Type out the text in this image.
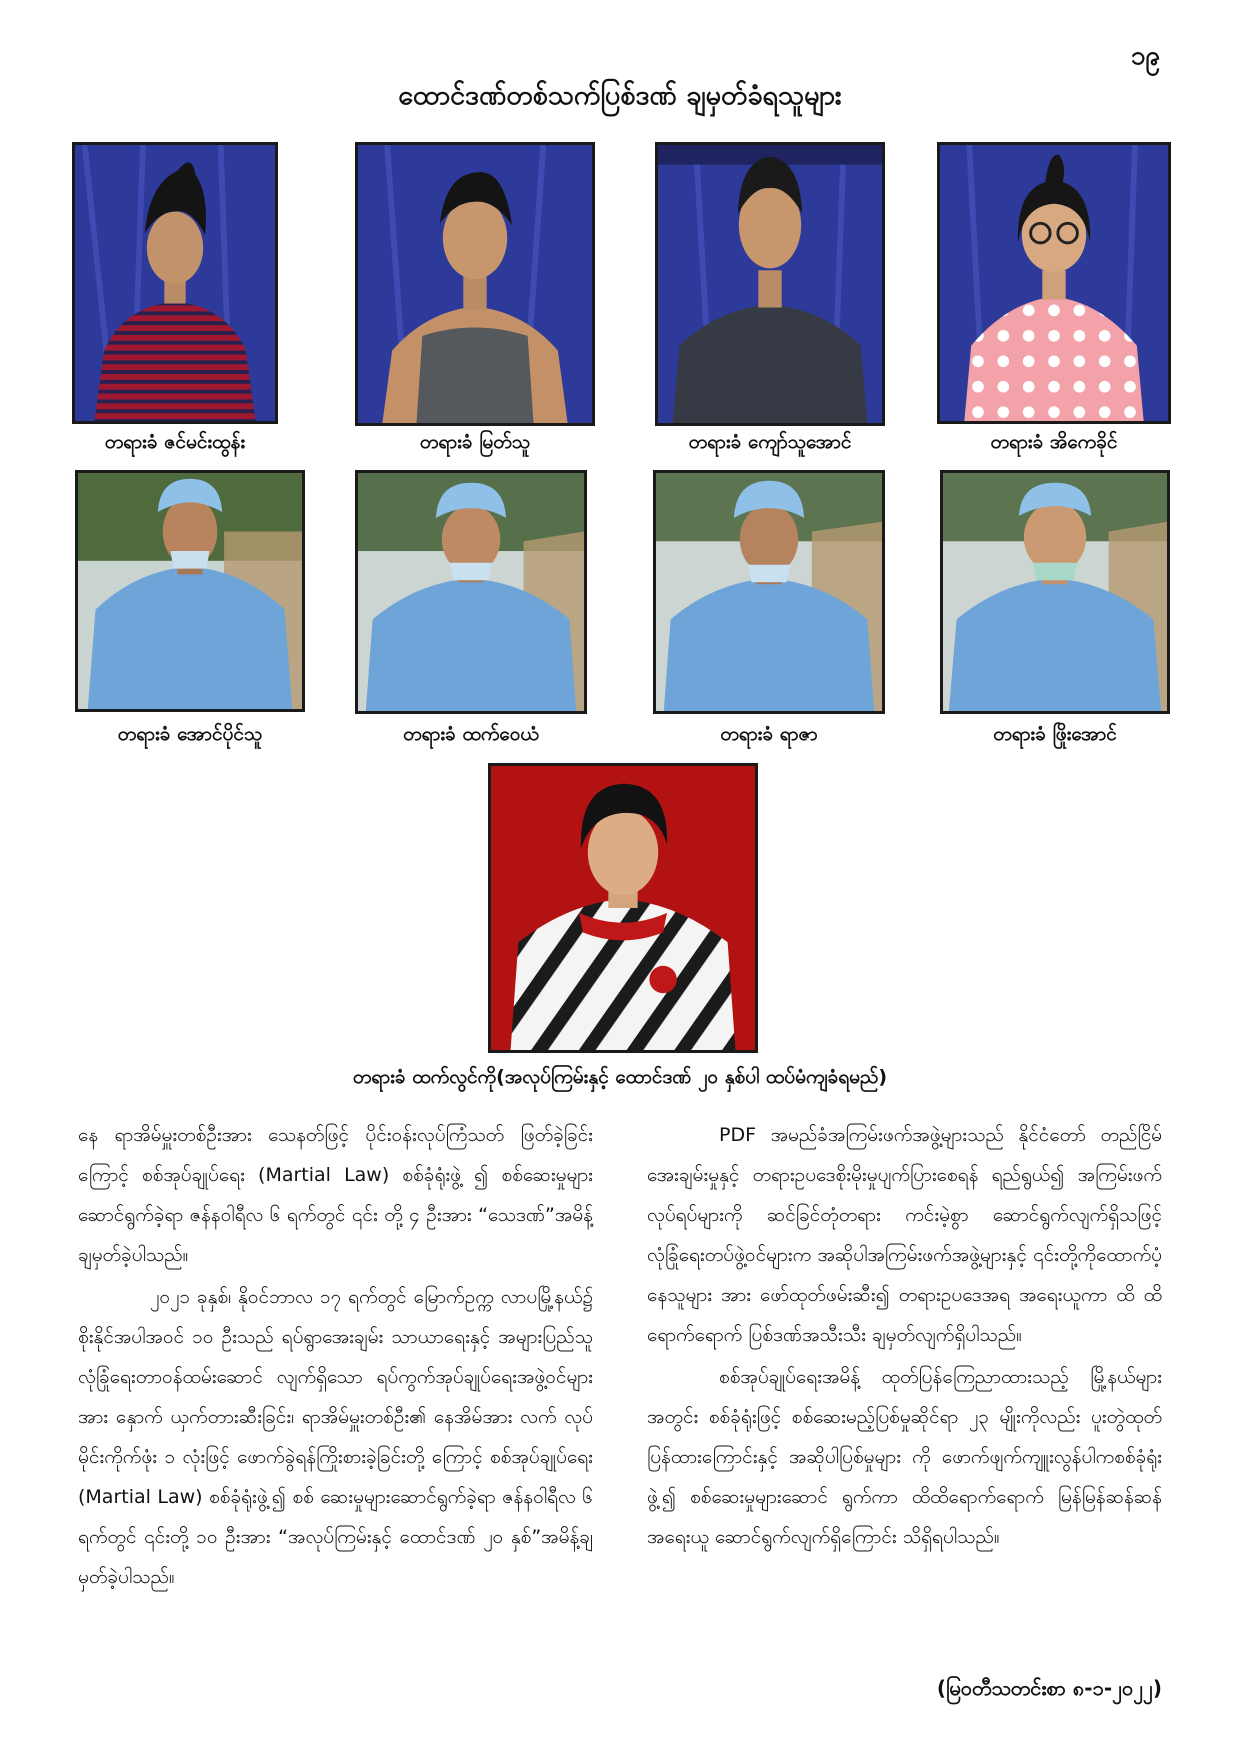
၁၉
ထောင်ဒဏ်တစ်သက်ပြစ်ဒဏ် ချမှတ်ခံရသူများ
တရားခံ ဇင်မင်းထွန်း	တရားခံ မြတ်သူ	တရားခံ ကျော်သူအောင်	တရားခံ အိကေခိုင်
တရားခံ အောင်ပိုင်သူ	တရားခံ ထက်ဝေယံ	တရားခံ ရာဇာ	တရားခံ ဖြိုးအောင်
တရားခံ ထက်လွင်ကို(အလုပ်ကြမ်းနှင့် ထောင်ဒဏ် ၂၀ နှစ်ပါ ထပ်မံကျခံရမည်)

နေ ရာအိမ်မှူးတစ်ဦးအား သေနတ်ဖြင့် ပိုင်းဝန်းလုပ်ကြံသတ် ဖြတ်ခဲ့ခြင်းကြောင့် စစ်အုပ်ချုပ်ရေး (Martial Law) စစ်ခုံရုံးဖွဲ့ ၍ စစ်ဆေးမှုများဆောင်ရွက်ခဲ့ရာ ဇန်နဝါရီလ ၆ ရက်တွင် ၎င်း တို့ ၄ ဦးအား “သေဒဏ်”အမိန့်ချမှတ်ခဲ့ပါသည်။

၂၀၂၁ ခုနှစ်၊ နိုဝင်ဘာလ ၁၇ ရက်တွင် မြောက်ဥက္က လာပမြို့နယ်၌ စိုးနိုင်အပါအဝင် ၁၀ ဦးသည် ရပ်ရွာအေးချမ်း သာယာရေးနှင့် အများပြည်သူလုံခြုံရေးတာဝန်ထမ်းဆောင် လျက်ရှိသော ရပ်ကွက်အုပ်ချုပ်ရေးအဖွဲ့ဝင်များအား နှောက် ယှက်တားဆီးခြင်း၊ ရာအိမ်မှူးတစ်ဦး၏ နေအိမ်အား လက် လုပ်မိုင်းကိုက်ဖုံး ၁ လုံးဖြင့် ဖောက်ခွဲရန်ကြိုးစားခဲ့ခြင်းတို့ ကြောင့် စစ်အုပ်ချုပ်ရေး (Martial Law) စစ်ခုံရုံးဖွဲ့၍ စစ် ဆေးမှုများဆောင်ရွက်ခဲ့ရာ ဇန်နဝါရီလ ၆ ရက်တွင် ၎င်းတို့ ၁၀ ဦးအား “အလုပ်ကြမ်းနှင့် ထောင်ဒဏ် ၂၀ နှစ်”အမိန့်ချ မှတ်ခဲ့ပါသည်။

PDF အမည်ခံအကြမ်းဖက်အဖွဲ့များသည် နိုင်ငံတော် တည်ငြိမ်အေးချမ်းမှုနှင့် တရားဥပဒေစိုးမိုးမှုပျက်ပြားစေရန် ရည်ရွယ်၍ အကြမ်းဖက်လုပ်ရပ်များကို ဆင်ခြင်တုံတရား ကင်းမဲ့စွာ ဆောင်ရွက်လျက်ရှိသဖြင့် လုံခြုံရေးတပ်ဖွဲ့ဝင်များက အဆိုပါအကြမ်းဖက်အဖွဲ့များနှင့် ၎င်းတို့ကိုထောက်ပံ့နေသူများ အား ဖော်ထုတ်ဖမ်းဆီး၍ တရားဥပဒေအရ အရေးယူကာ ထိ ထိရောက်ရောက် ပြစ်ဒဏ်အသီးသီး ချမှတ်လျက်ရှိပါသည်။

စစ်အုပ်ချုပ်ရေးအမိန့် ထုတ်ပြန်ကြေညာထားသည့် မြို့နယ်များအတွင်း စစ်ခုံရုံးဖြင့် စစ်ဆေးမည့်ပြစ်မှုဆိုင်ရာ ၂၃ မျိုးကိုလည်း ပူးတွဲထုတ်ပြန်ထားကြောင်းနှင့် အဆိုပါပြစ်မှုများ ကို ဖောက်ဖျက်ကျူးလွန်ပါကစစ်ခုံရုံးဖွဲ့၍ စစ်ဆေးမှုများဆောင် ရွက်ကာ ထိထိရောက်ရောက် မြန်မြန်ဆန်ဆန် အရေးယူ ဆောင်ရွက်လျက်ရှိကြောင်း သိရှိရပါသည်။

(မြဝတီသတင်းစာ ၈-၁-၂၀၂၂)
